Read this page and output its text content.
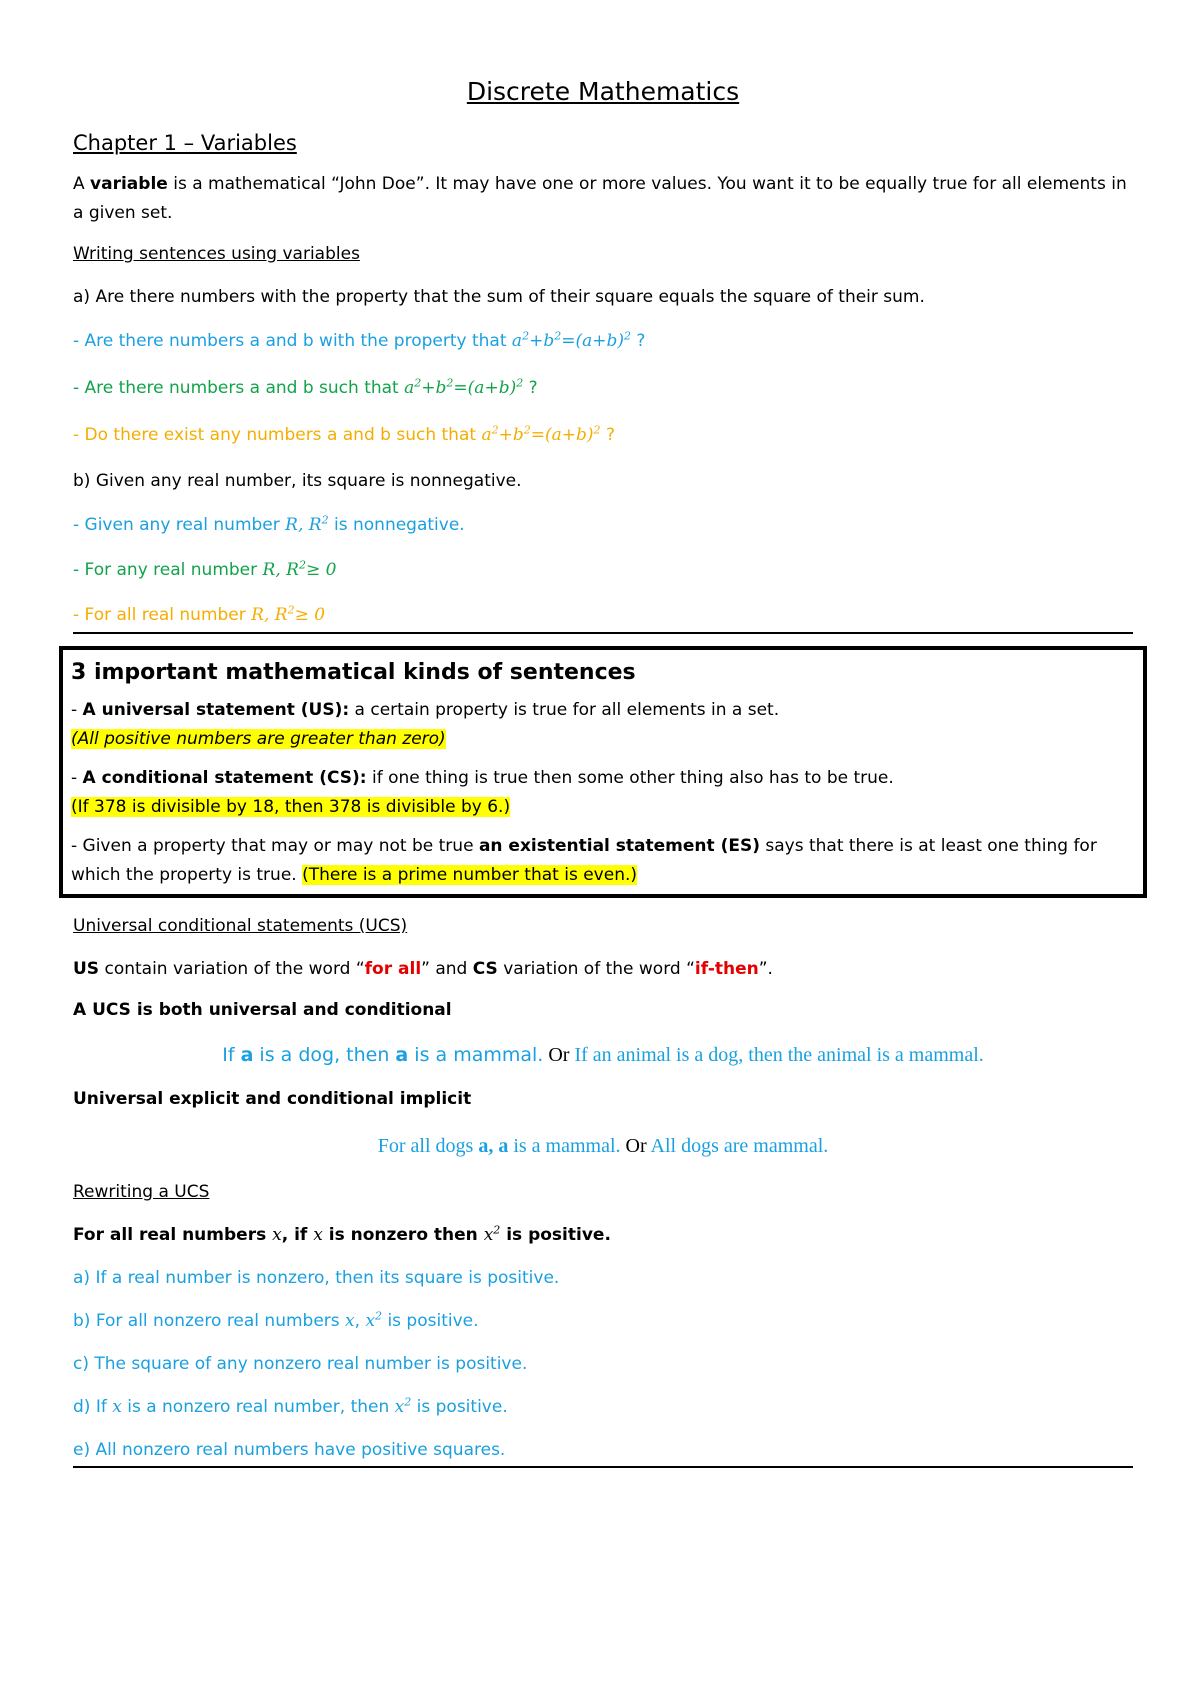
Discrete Mathematics
Chapter 1 – Variables
A variable is a mathematical “John Doe”. It may have one or more values. You want it to be equally true for all elements in a given set.
Writing sentences using variables
a) Are there numbers with the property that the sum of their square equals the square of their sum.
- Are there numbers a and b with the property that $a^2+b^2=(a+b)^2$ ?
- Are there numbers a and b such that $a^2+b^2=(a+b)^2$ ?
- Do there exist any numbers a and b such that $a^2+b^2=(a+b)^2$ ?
b) Given any real number, its square is nonnegative.
- Given any real number R, $R^2$ is nonnegative.
- For any real number R, $R^2\ge 0$
- For all real number R, $R^2\ge 0$
3 important mathematical kinds of sentences
- A universal statement (US): a certain property is true for all elements in a set.
(All positive numbers are greater than zero)
- A conditional statement (CS): if one thing is true then some other thing also has to be true.
(If 378 is divisible by 18, then 378 is divisible by 6.)
- Given a property that may or may not be true an existential statement (ES) says that there is at least one thing for which the property is true. (There is a prime number that is even.)
Universal conditional statements (UCS)
US contain variation of the word “for all” and CS variation of the word “if-then”.
A UCS is both universal and conditional
If a is a dog, then a is a mammal. Or If an animal is a dog, then the animal is a mammal.
Universal explicit and conditional implicit
For all dogs a, a is a mammal. Or All dogs are mammal.
Rewriting a UCS
For all real numbers x, if x is nonzero then $x^2$ is positive.
a) If a real number is nonzero, then its square is positive.
b) For all nonzero real numbers x, $x^2$ is positive.
c) The square of any nonzero real number is positive.
d) If x is a nonzero real number, then $x^2$ is positive.
e) All nonzero real numbers have positive squares.
